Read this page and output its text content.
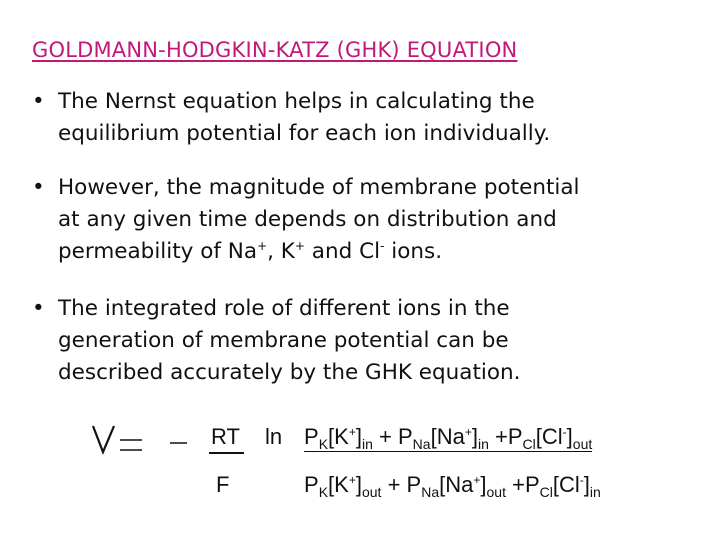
GOLDMANN-HODGKIN-KATZ (GHK) EQUATION
• The Nernst equation helps in calculating the
equilibrium potential for each ion individually.
• However, the magnitude of membrane potential
at any given time depends on distribution and
permeability of Na+, K+ and Cl- ions.
• The integrated role of different ions in the
generation of membrane potential can be
described accurately by the GHK equation.
RT $\ln P_K[K^+]_{in} + P_{Na}[Na^+]_{in} +P_{Cl}[Cl^-]_{out}$
F	$P_K[K^+]_{out} + P_{Na}[Na^+]_{out} +P_{Cl}[Cl^-]_{in}$
